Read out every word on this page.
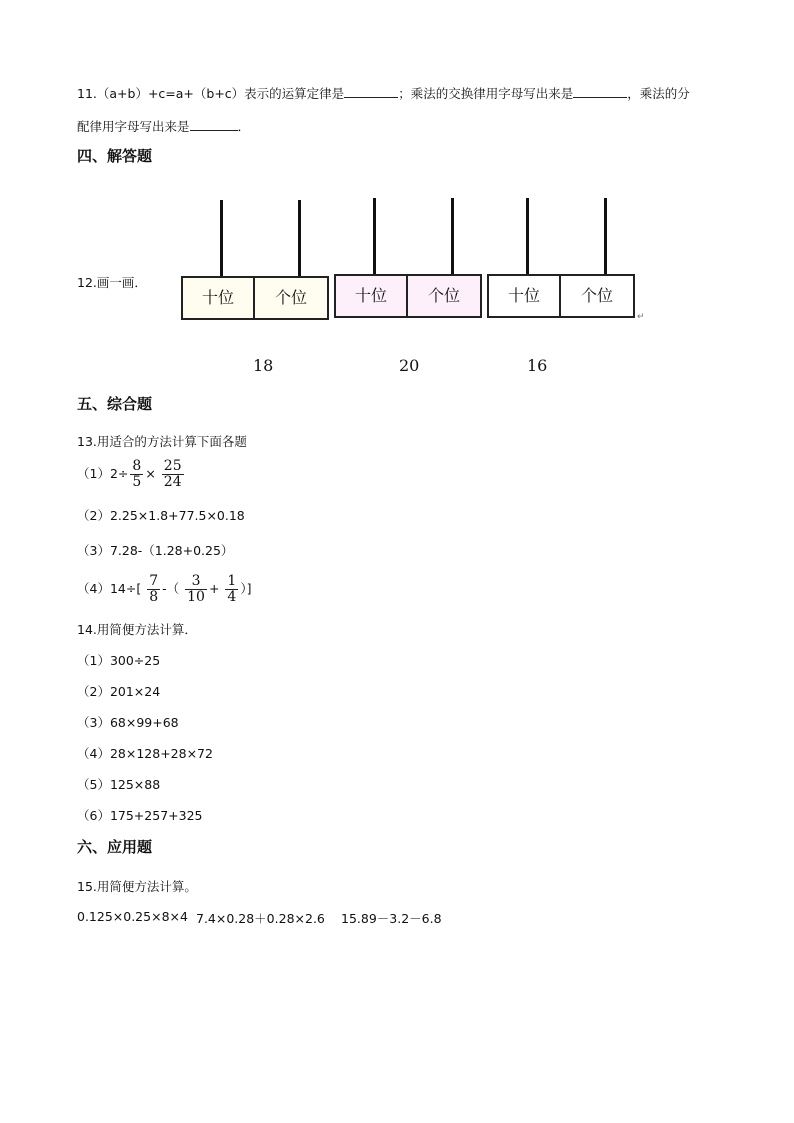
11.（a+b）+c=a+（b+c）表示的运算定律是	；乘法的交换律用字母写出来是	，乘法的分
配律用字母写出来是	．
四、解答题
12.画一画．
十位	个位	十位	个位	十位	个位
↵
18	20	16
五、综合题
13.用适合的方法计算下面各题
$(1)2\div \frac{8}{5} \times \frac{25}{24}$
（2）2.25×1.8+77.5×0.18
（3）7.28-（1.28+0.25）
$(4)14\div[ \frac{7}{8}$ -（ $\frac{3}{10} + \frac{1}{4}$ ）]
14.用简便方法计算．
（1）300÷25
（2）201×24
（3）68×99+68
（4）28×128+28×72
（5）125×88
（6）175+257+325
六、应用题
15.用简便方法计算。
0.125×0.25×8×4 7.4×0.28＋0.28×2.6 15.89－3.2－6.8
